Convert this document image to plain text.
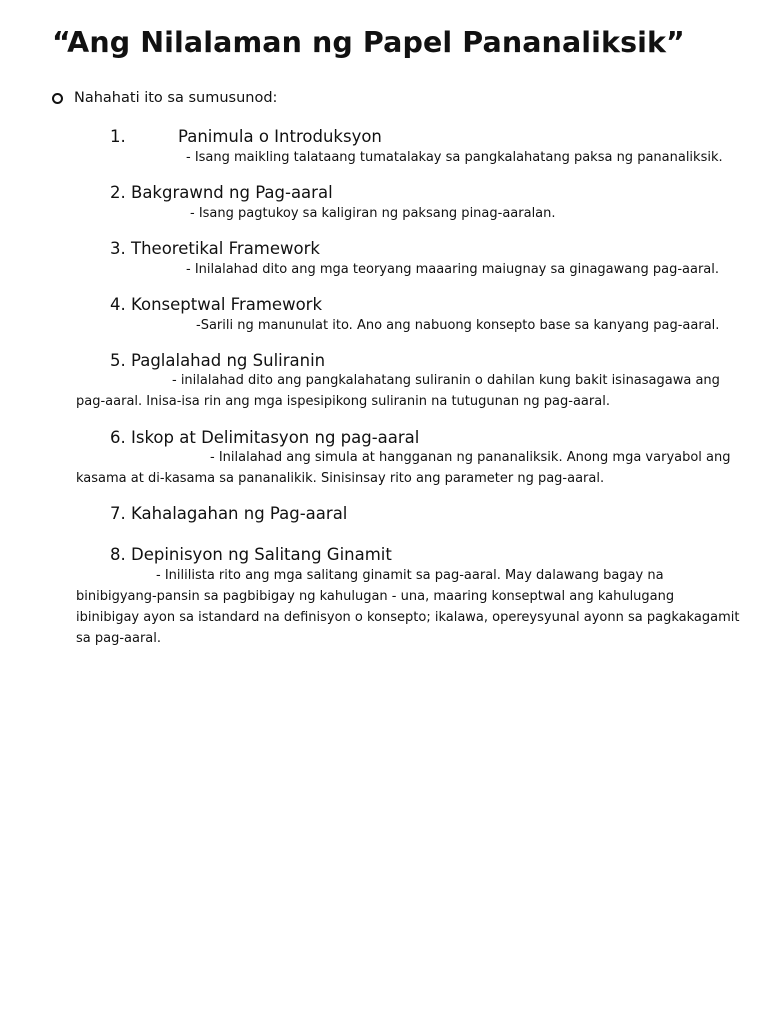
“Ang Nilalaman ng Papel Pananaliksik”
Nahahati ito sa sumusunod:

1.	Panimula o Introduksyon

- Isang maikling talataang tumatalakay sa pangkalahatang paksa ng pananaliksik.

2. Bakgrawnd ng Pag-aaral

- Isang pagtukoy sa kaligiran ng paksang pinag-aaralan.

3. Theoretikal Framework

- Inilalahad dito ang mga teoryang maaaring maiugnay sa ginagawang pag-aaral.

4. Konseptwal Framework

-Sarili ng manunulat ito. Ano ang nabuong konsepto base sa kanyang pag-aaral.

5. Paglalahad ng Suliranin

- inilalahad dito ang pangkalahatang suliranin o dahilan kung bakit isinasagawa ang pag-aaral. Inisa-isa rin ang mga ispesipikong suliranin na tutugunan ng pag-aaral.

6. Iskop at Delimitasyon ng pag-aaral

- Inilalahad ang simula at hangganan ng pananaliksik. Anong mga varyabol ang kasama at di-kasama sa pananalikik. Sinisinsay rito ang parameter ng pag-aaral.

7. Kahalagahan ng Pag-aaral

8. Depinisyon ng Salitang Ginamit

- Inililista rito ang mga salitang ginamit sa pag-aaral. May dalawang bagay na binibigyang-pansin sa pagbibigay ng kahulugan - una, maaring konseptwal ang kahulugang ibinibigay ayon sa istandard na definisyon o konsepto; ikalawa, opereysyunal ayonn sa pagkakagamit sa pag-aaral.
